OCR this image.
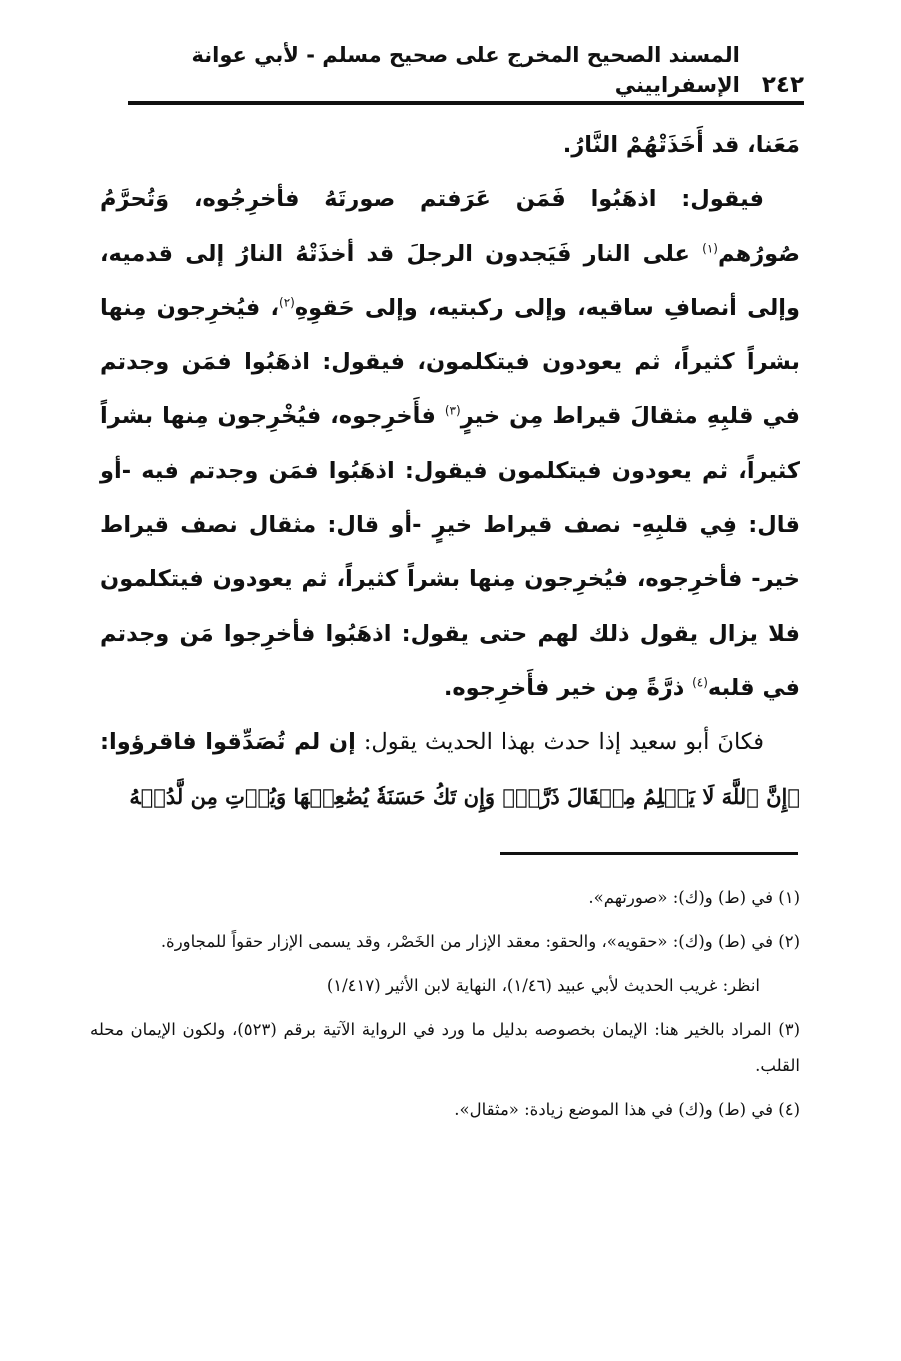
٢٤٢
المسند الصحيح المخرج على صحيح مسلم - لأبي عوانة الإسفراييني

مَعَنا، قد أَخَذَتْهُمْ النَّارُ.

فيقول: اذهَبُوا فَمَن عَرَفتم صورتَهُ فأخرِجُوه، وَتُحرَّمُ صُورُهم$^{(١)}$ على النار فَيَجدون الرجلَ قد أخذَتْهُ النارُ إلى قدميه، وإلى أنصافِ ساقيه، وإلى ركبتيه، وإلى حَقوِهِ$^{(٢)}$، فيُخرِجون مِنها بشراً كثيراً، ثم يعودون فيتكلمون، فيقول: اذهَبُوا فمَن وجدتم في قلبِهِ مثقالَ قيراط مِن خيرٍ$^{(٣)}$ فأَخرِجوه، فيُخْرِجون مِنها بشراً كثيراً، ثم يعودون فيتكلمون فيقول: اذهَبُوا فمَن وجدتم فيه -أو قال: فِي قلبِهِ- نصف قيراط خيرٍ -أو قال: مثقال نصف قيراط خير- فأخرِجوه، فيُخرِجون مِنها بشراً كثيراً، ثم يعودون فيتكلمون فلا يزال يقول ذلك لهم حتى يقول: اذهَبُوا فأخرِجوا مَن وجدتم في قلبه$^{(٤)}$ ذرَّةً مِن خير فأَخرِجوه.

فكانَ أبو سعيد إذا حدث بهذا الحديث يقول: إن لم تُصَدِّقوا فاقرؤوا: ﴿إِنَّ ٱللَّهَ لَا يَظۡلِمُ مِثۡقَالَ ذَرَّةٖۖ وَإِن تَكُ حَسَنَةٗ يُضَٰعِفۡهَا وَيُؤۡتِ مِن لَّدُنۡهُ

(١) في (ط) و(ك): «صورتهم».

(٢) في (ط) و(ك): «حقويه»، والحقو: معقد الإزار من الخَصْر، وقد يسمى الإزار حقواً للمجاورة.

انظر: غريب الحديث لأبي عبيد (١/٤٦)، النهاية لابن الأثير (١/٤١٧)

(٣) المراد بالخير هنا: الإيمان بخصوصه بدليل ما ورد في الرواية الآتية برقم (٥٢٣)، ولكون الإيمان محله القلب.

(٤) في (ط) و(ك) في هذا الموضع زيادة: «مثقال».
